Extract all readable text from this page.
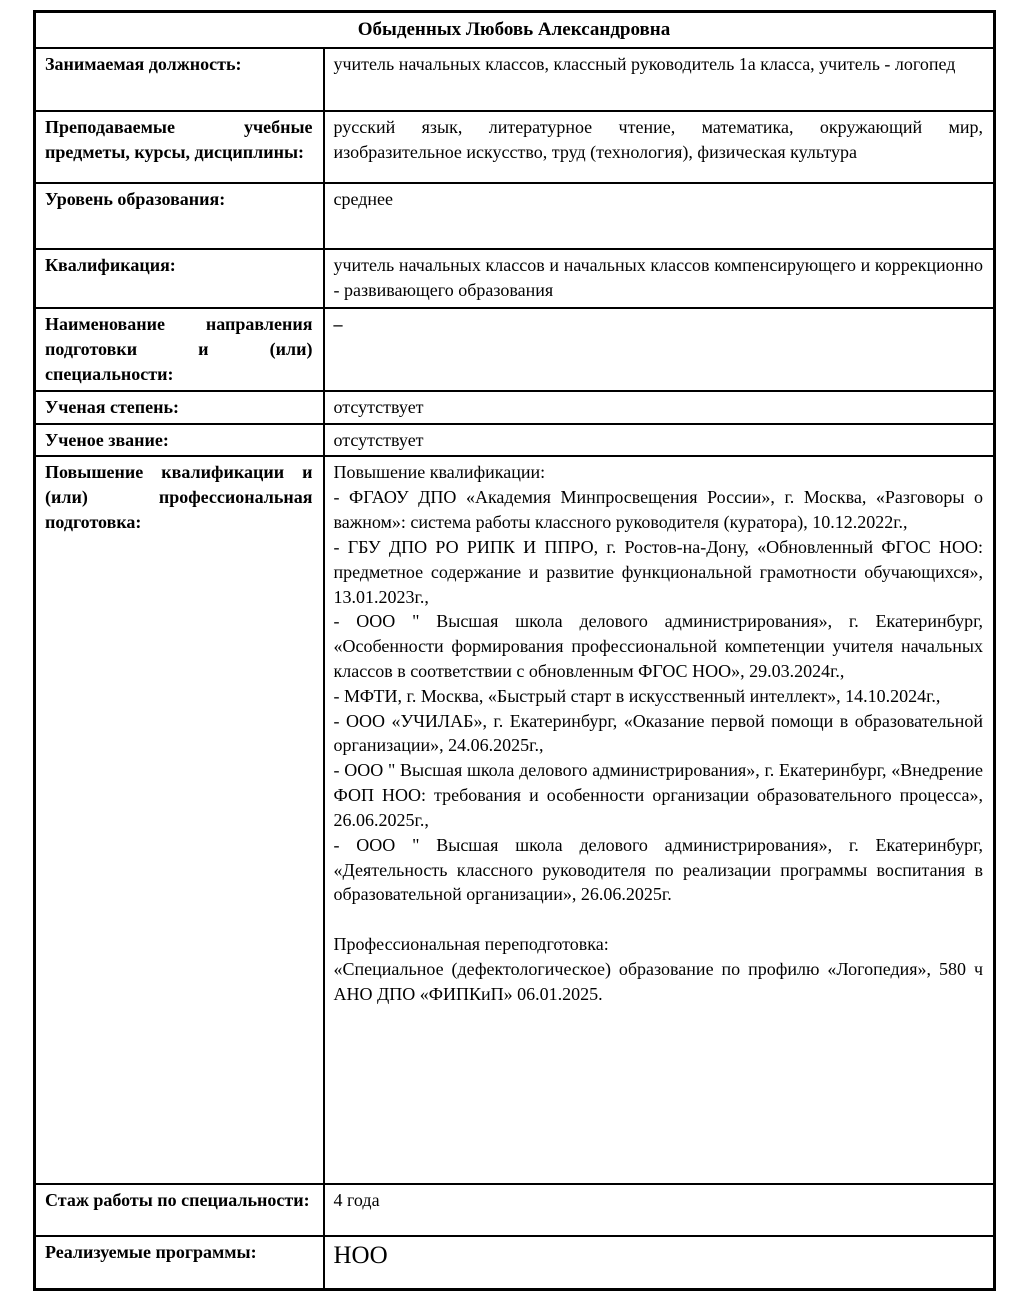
Обыденных Любовь Александровна	
Занимаемая должность:	учитель начальных классов, классный руководитель 1а класса, учитель - логопед
Преподаваемые учебные предметы, курсы, дисциплины:	русский язык, литературное чтение, математика, окружающий мир, изобразительное искусство, труд (технология), физическая культура
Уровень образования:	среднее
Квалификация:	учитель начальных классов и начальных классов компенсирующего и коррекционно - развивающего образования
Наименование направления подготовки и (или) специальности:	–
Ученая степень:	отсутствует
Ученое звание:	отсутствует
Повышение квалификации и (или) профессиональная подготовка:	

Повышение квалификации:

- ФГАОУ ДПО «Академия Минпросвещения России», г. Москва, «Разговоры о важном»: система работы классного руководителя (куратора), 10.12.2022г.,

- ГБУ ДПО РО РИПК И ППРО, г. Ростов-на-Дону, «Обновленный ФГОС НОО: предметное содержание и развитие функциональной грамотности обучающихся», 13.01.2023г.,

- ООО " Высшая школа делового администрирования», г. Екатеринбург, «Особенности формирования профессиональной компетенции учителя начальных классов в соответствии с обновленным ФГОС НОО», 29.03.2024г.,

- МФТИ, г. Москва, «Быстрый старт в искусственный интеллект», 14.10.2024г.,

- ООО «УЧИЛАБ», г. Екатеринбург, «Оказание первой помощи в образовательной организации», 24.06.2025г.,

- ООО " Высшая школа делового администрирования», г. Екатеринбург, «Внедрение ФОП НОО: требования и особенности организации образовательного процесса», 26.06.2025г.,

- ООО " Высшая школа делового администрирования», г. Екатеринбург, «Деятельность классного руководителя по реализации программы воспитания в образовательной организации», 26.06.2025г.

Профессиональная переподготовка:

«Специальное (дефектологическое) образование по профилю «Логопедия», 580 ч АНО ДПО «ФИПКиП» 06.01.2025.

Стаж работы по специальности:	4 года
Реализуемые программы:	НОО
